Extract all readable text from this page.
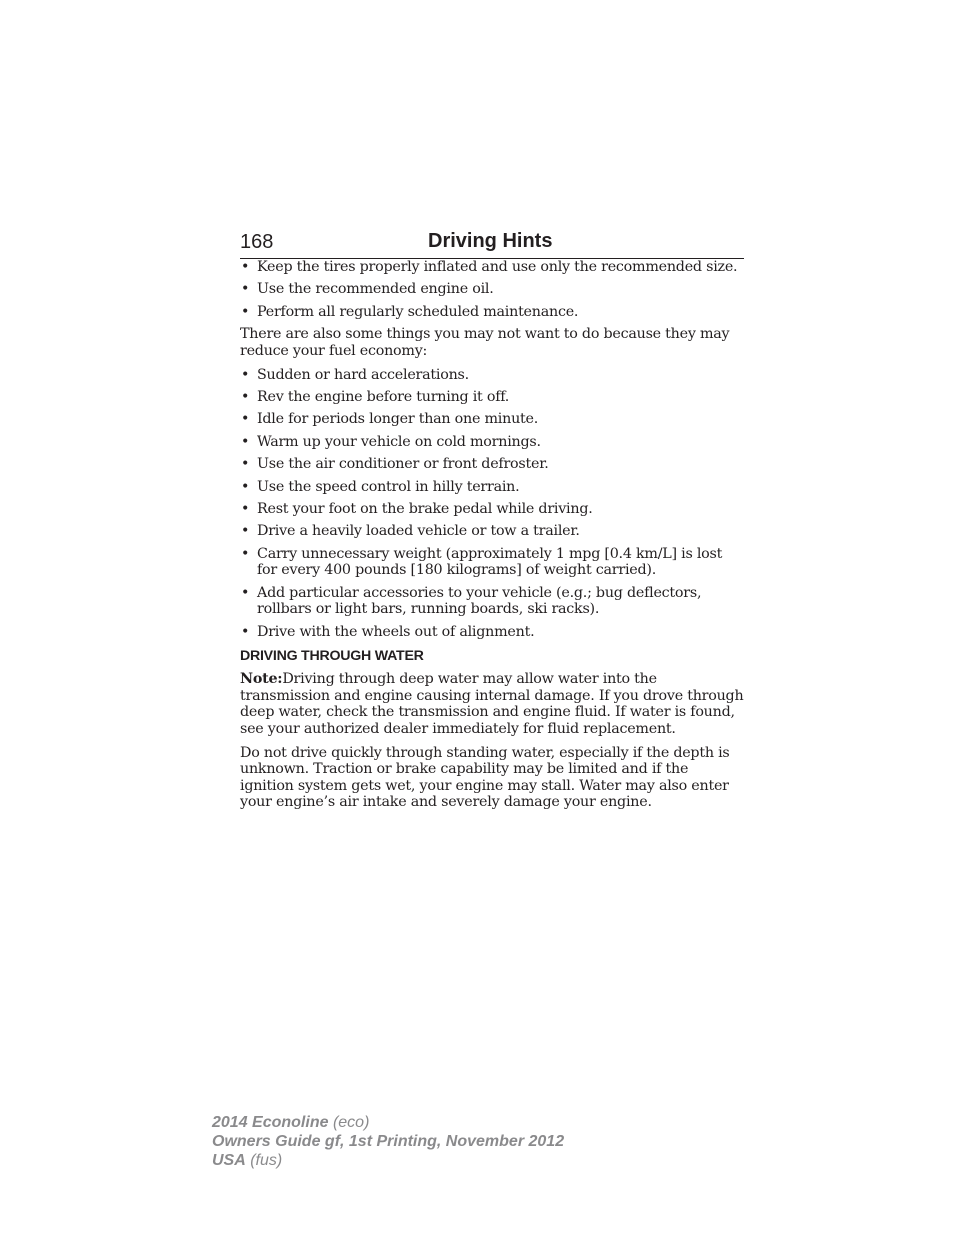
168	Driving Hints
• Keep the tires properly inflated and use only the recommended size.
• Use the recommended engine oil.
• Perform all regularly scheduled maintenance.

There are also some things you may not want to do because they may reduce your fuel economy:

• Sudden or hard accelerations.
• Rev the engine before turning it off.
• Idle for periods longer than one minute.
• Warm up your vehicle on cold mornings.
• Use the air conditioner or front defroster.
• Use the speed control in hilly terrain.
• Rest your foot on the brake pedal while driving.
• Drive a heavily loaded vehicle or tow a trailer.
• Carry unnecessary weight (approximately 1 mpg [0.4 km/L] is lost for every 400 pounds [180 kilograms] of weight carried).
• Add particular accessories to your vehicle (e.g.; bug deflectors, rollbars or light bars, running boards, ski racks).
• Drive with the wheels out of alignment.
DRIVING THROUGH WATER

Note:Driving through deep water may allow water into the transmission and engine causing internal damage. If you drove through deep water, check the transmission and engine fluid. If water is found, see your authorized dealer immediately for fluid replacement.

Do not drive quickly through standing water, especially if the depth is unknown. Traction or brake capability may be limited and if the ignition system gets wet, your engine may stall. Water may also enter your engine’s air intake and severely damage your engine.

2014 Econoline (eco)
Owners Guide gf, 1st Printing, November 2012
USA (fus)
